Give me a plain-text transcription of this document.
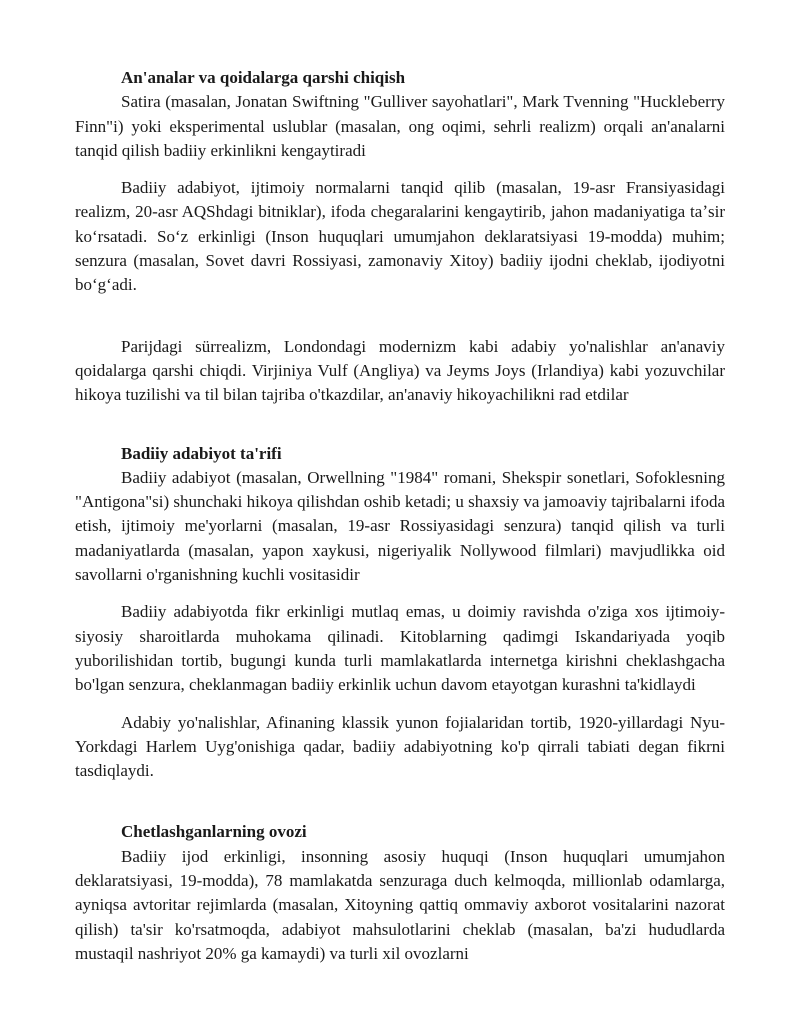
An'analar va qoidalarga qarshi chiqish

Satira (masalan, Jonatan Swiftning "Gulliver sayohatlari", Mark Tvenning "Huckleberry Finn"i) yoki eksperimental uslublar (masalan, ong oqimi, sehrli realizm) orqali an'analarni tanqid qilish badiiy erkinlikni kengaytiradi

Badiiy adabiyot, ijtimoiy normalarni tanqid qilib (masalan, 19-asr Fransiyasidagi realizm, 20-asr AQShdagi bitniklar), ifoda chegaralarini kengaytirib, jahon madaniyatiga taʼsir koʻrsatadi. Soʻz erkinligi (Inson huquqlari umumjahon deklaratsiyasi 19-modda) muhim; senzura (masalan, Sovet davri Rossiyasi, zamonaviy Xitoy) badiiy ijodni cheklab, ijodiyotni boʻgʻadi.

Parijdagi sürrealizm, Londondagi modernizm kabi adabiy yo'nalishlar an'anaviy qoidalarga qarshi chiqdi. Virjiniya Vulf (Angliya) va Jeyms Joys (Irlandiya) kabi yozuvchilar hikoya tuzilishi va til bilan tajriba o'tkazdilar, an'anaviy hikoyachilikni rad etdilar

Badiiy adabiyot ta'rifi

Badiiy adabiyot (masalan, Orwellning "1984" romani, Shekspir sonetlari, Sofoklesning "Antigona"si) shunchaki hikoya qilishdan oshib ketadi; u shaxsiy va jamoaviy tajribalarni ifoda etish, ijtimoiy me'yorlarni (masalan, 19-asr Rossiyasidagi senzura) tanqid qilish va turli madaniyatlarda (masalan, yapon xaykusi, nigeriyalik Nollywood filmlari) mavjudlikka oid savollarni o'rganishning kuchli vositasidir

Badiiy adabiyotda fikr erkinligi mutlaq emas, u doimiy ravishda o'ziga xos ijtimoiy-siyosiy sharoitlarda muhokama qilinadi. Kitoblarning qadimgi Iskandariyada yoqib yuborilishidan tortib, bugungi kunda turli mamlakatlarda internetga kirishni cheklashgacha bo'lgan senzura, cheklanmagan badiiy erkinlik uchun davom etayotgan kurashni ta'kidlaydi

Adabiy yo'nalishlar, Afinaning klassik yunon fojialaridan tortib, 1920-yillardagi Nyu-Yorkdagi Harlem Uyg'onishiga qadar, badiiy adabiyotning ko'p qirrali tabiati degan fikrni tasdiqlaydi.

Chetlashganlarning ovozi

Badiiy ijod erkinligi, insonning asosiy huquqi (Inson huquqlari umumjahon deklaratsiyasi, 19-modda), 78 mamlakatda senzuraga duch kelmoqda, millionlab odamlarga, ayniqsa avtoritar rejimlarda (masalan, Xitoyning qattiq ommaviy axborot vositalarini nazorat qilish) ta'sir ko'rsatmoqda, adabiyot mahsulotlarini cheklab (masalan, ba'zi hududlarda mustaqil nashriyot 20% ga kamaydi) va turli xil ovozlarni
